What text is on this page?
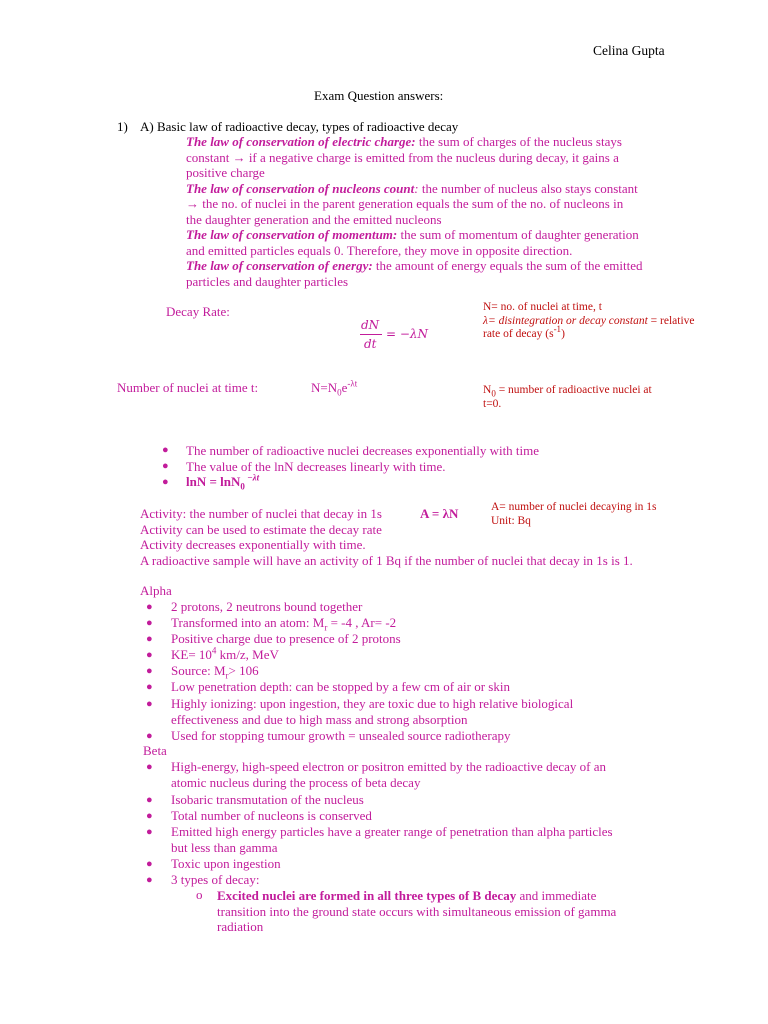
Celina Gupta
Exam Question answers:
1) A) Basic law of radioactive decay, types of radioactive decay
The law of conservation of electric charge: the sum of charges of the nucleus stays
constant → if a negative charge is emitted from the nucleus during decay, it gains a
positive charge
The law of conservation of nucleons count: the number of nucleus also stays constant
→ the no. of nuclei in the parent generation equals the sum of the no. of nucleons in
the daughter generation and the emitted nucleons
The law of conservation of momentum: the sum of momentum of daughter generation
and emitted particles equals 0. Therefore, they move in opposite direction.
The law of conservation of energy: the amount of energy equals the sum of the emitted
particles and daughter particles
Decay Rate:
dN
dt
= −λN
N= no. of nuclei at time, t
λ= disintegration or decay constant = relative
rate of decay $(s^{-1})$
Number of nuclei at time t:	$N=N_0e^{-\lambda t}$
$N_0$ = number of radioactive nuclei at
t=0.
● The number of radioactive nuclei decreases exponentially with time
● The value of the lnN decreases linearly with time.
● lnN = lnN$_0$ $^{-\lambda t}$
Activity: the number of nuclei that decay in 1s	A = λN
Activity can be used to estimate the decay rate
Activity decreases exponentially with time.
A radioactive sample will have an activity of 1 Bq if the number of nuclei that decay in 1s is 1.
A= number of nuclei decaying in 1s
Unit: Bq
Alpha
● 2 protons, 2 neutrons bound together
● Transformed into an atom: $M_r = -4$ , Ar= -2
● Positive charge due to presence of 2 protons
● $KE= 10^4$ km/z, MeV
● Source: $M_r> 106$
● Low penetration depth: can be stopped by a few cm of air or skin
● Highly ionizing: upon ingestion, they are toxic due to high relative biological
effectiveness and due to high mass and strong absorption
● Used for stopping tumour growth = unsealed source radiotherapy
Beta
● High-energy, high-speed electron or positron emitted by the radioactive decay of an
atomic nucleus during the process of beta decay
● Isobaric transmutation of the nucleus
● Total number of nucleons is conserved
● Emitted high energy particles have a greater range of penetration than alpha particles
but less than gamma
● Toxic upon ingestion
● 3 types of decay:
o Excited nuclei are formed in all three types of B decay and immediate
transition into the ground state occurs with simultaneous emission of gamma
radiation
